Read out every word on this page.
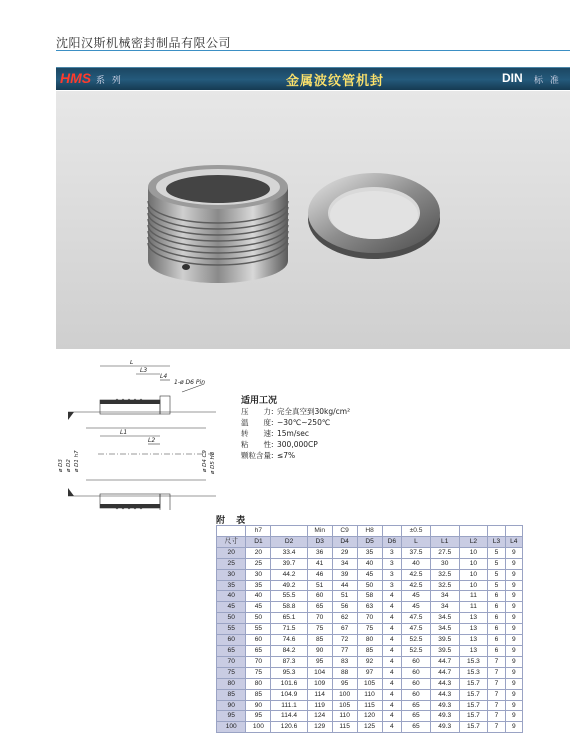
沈阳汉斯机械密封制品有限公司
HMS 系 列	金属波纹管机封	DIN 标 准
L
L3
L4
L1
L2
1-ø D6 Pin
ø D3 ø D2 ø D1 h7	ø D4 C9 ø D5 H8
适用工况
压　　力: 完全真空到30kg/cm²
温　　度: −30℃~250℃
转　　速: 15m/sec
粘　　性: 300,000CP
颗粒含量: ≤7%
附 表
	h7		Min	C9	H8		±0.5				
尺寸	D1	D2	D3	D4	D5	D6	L	L1	L2	L3	L4
20	20	33.4	36	29	35	3	37.5	27.5	10	5	9
25	25	39.7	41	34	40	3	40	30	10	5	9
30	30	44.2	46	39	45	3	42.5	32.5	10	5	9
35	35	49.2	51	44	50	3	42.5	32.5	10	5	9
40	40	55.5	60	51	58	4	45	34	11	6	9
45	45	58.8	65	56	63	4	45	34	11	6	9
50	50	65.1	70	62	70	4	47.5	34.5	13	6	9
55	55	71.5	75	67	75	4	47.5	34.5	13	6	9
60	60	74.6	85	72	80	4	52.5	39.5	13	6	9
65	65	84.2	90	77	85	4	52.5	39.5	13	6	9
70	70	87.3	95	83	92	4	60	44.7	15.3	7	9
75	75	95.3	104	88	97	4	60	44.7	15.3	7	9
80	80	101.6	109	95	105	4	60	44.3	15.7	7	9
85	85	104.9	114	100	110	4	60	44.3	15.7	7	9
90	90	111.1	119	105	115	4	65	49.3	15.7	7	9
95	95	114.4	124	110	120	4	65	49.3	15.7	7	9
100	100	120.6	129	115	125	4	65	49.3	15.7	7	9
